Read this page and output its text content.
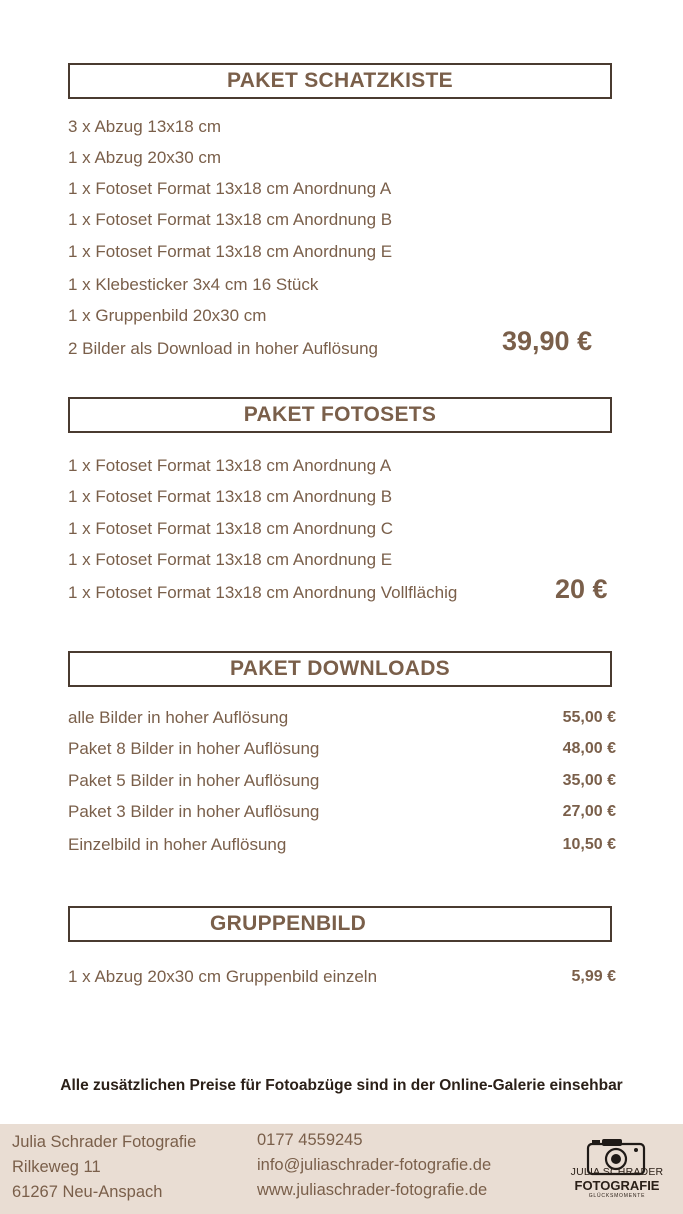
PAKET SCHATZKISTE
3 x Abzug 13x18 cm
1 x Abzug 20x30 cm
1 x Fotoset Format 13x18 cm Anordnung A
1 x Fotoset Format 13x18 cm Anordnung B
1 x Fotoset Format 13x18 cm Anordnung E
1 x Klebesticker 3x4 cm 16 Stück
1 x Gruppenbild 20x30 cm
2 Bilder als Download in hoher Auflösung	39,90 €
PAKET FOTOSETS
1 x Fotoset Format 13x18 cm Anordnung A
1 x Fotoset Format 13x18 cm Anordnung B
1 x Fotoset Format 13x18 cm Anordnung C
1 x Fotoset Format 13x18 cm Anordnung E
1 x Fotoset Format 13x18 cm Anordnung Vollflächig	20 €
PAKET DOWNLOADS
alle Bilder in hoher Auflösung	55,00 €
Paket 8 Bilder in hoher Auflösung	48,00 €
Paket 5 Bilder in hoher Auflösung	35,00 €
Paket 3 Bilder in hoher Auflösung	27,00 €
Einzelbild in hoher Auflösung	10,50 €
GRUPPENBILD
1 x Abzug 20x30 cm Gruppenbild einzeln	5,99 €
Alle zusätzlichen Preise für Fotoabzüge sind in der Online-Galerie einsehbar
Julia Schrader Fotografie
Rilkeweg 11
61267 Neu-Anspach
0177 4559245
info@juliaschrader-fotografie.de
www.juliaschrader-fotografie.de
JULIA SCHRADER
FOTOGRAFIE
GLÜCKSMOMENTE
